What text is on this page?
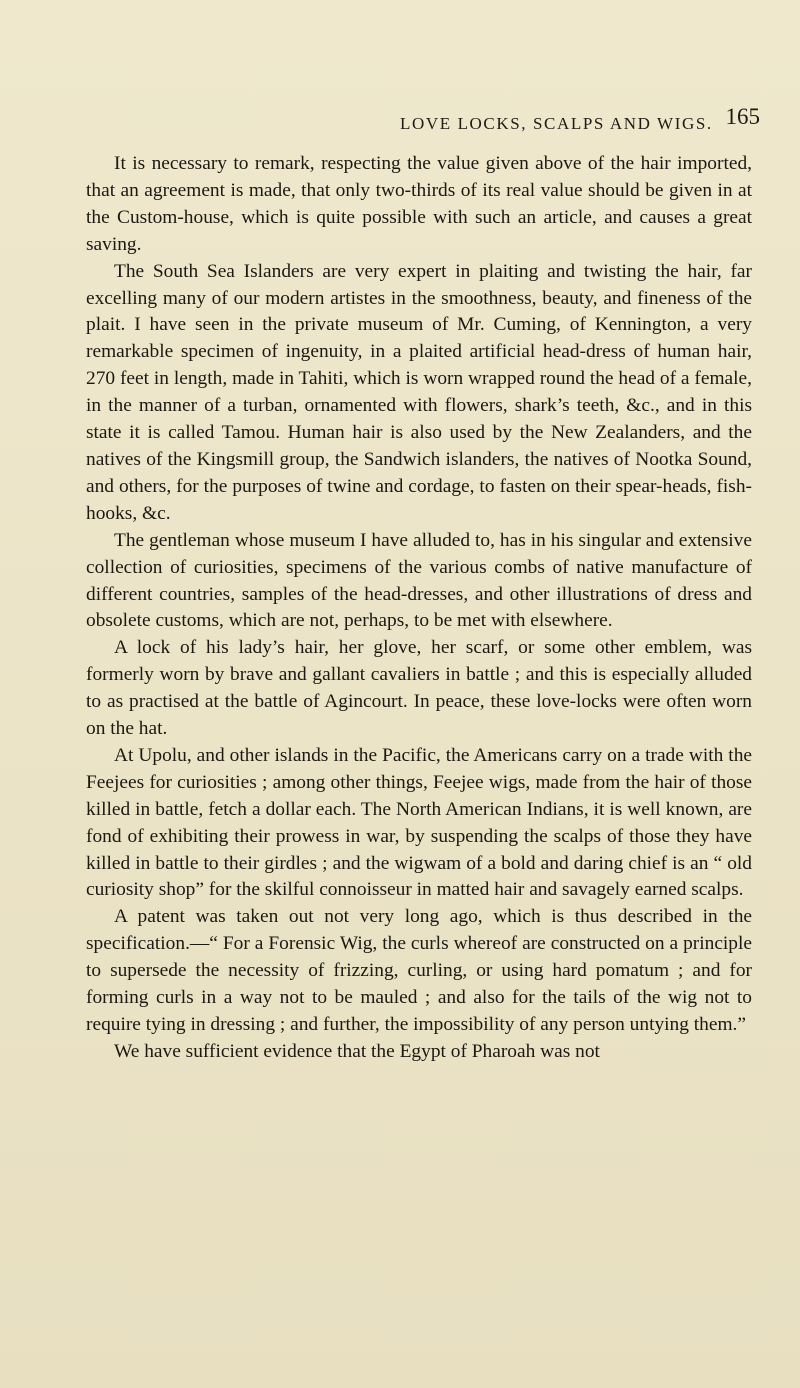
LOVE LOCKS, SCALPS AND WIGS. 165

It is necessary to remark, respecting the value given above of the hair imported, that an agreement is made, that only two-thirds of its real value should be given in at the Custom-house, which is quite possible with such an article, and causes a great saving.

The South Sea Islanders are very expert in plaiting and twisting the hair, far excelling many of our modern artistes in the smoothness, beauty, and fineness of the plait. I have seen in the private museum of Mr. Cuming, of Kennington, a very remarkable specimen of ingenuity, in a plaited artificial head-dress of human hair, 270 feet in length, made in Tahiti, which is worn wrapped round the head of a female, in the manner of a turban, ornamented with flowers, shark’s teeth, &c., and in this state it is called Tamou. Human hair is also used by the New Zealanders, and the natives of the Kingsmill group, the Sandwich islanders, the natives of Nootka Sound, and others, for the purposes of twine and cordage, to fasten on their spear-heads, fish-hooks, &c.

The gentleman whose museum I have alluded to, has in his singular and extensive collection of curiosities, specimens of the various combs of native manufacture of different countries, samples of the head-dresses, and other illustrations of dress and obsolete customs, which are not, perhaps, to be met with elsewhere.

A lock of his lady’s hair, her glove, her scarf, or some other emblem, was formerly worn by brave and gallant cavaliers in battle ; and this is especially alluded to as practised at the battle of Agincourt. In peace, these love-locks were often worn on the hat.

At Upolu, and other islands in the Pacific, the Americans carry on a trade with the Feejees for curiosities ; among other things, Feejee wigs, made from the hair of those killed in battle, fetch a dollar each. The North American Indians, it is well known, are fond of exhibiting their prowess in war, by suspending the scalps of those they have killed in battle to their girdles ; and the wigwam of a bold and daring chief is an “ old curiosity shop” for the skilful connoisseur in matted hair and savagely earned scalps.

A patent was taken out not very long ago, which is thus described in the specification.—“ For a Forensic Wig, the curls whereof are constructed on a principle to supersede the necessity of frizzing, curling, or using hard pomatum ; and for forming curls in a way not to be mauled ; and also for the tails of the wig not to require tying in dressing ; and further, the impossibility of any person untying them.”

We have sufficient evidence that the Egypt of Pharoah was not
